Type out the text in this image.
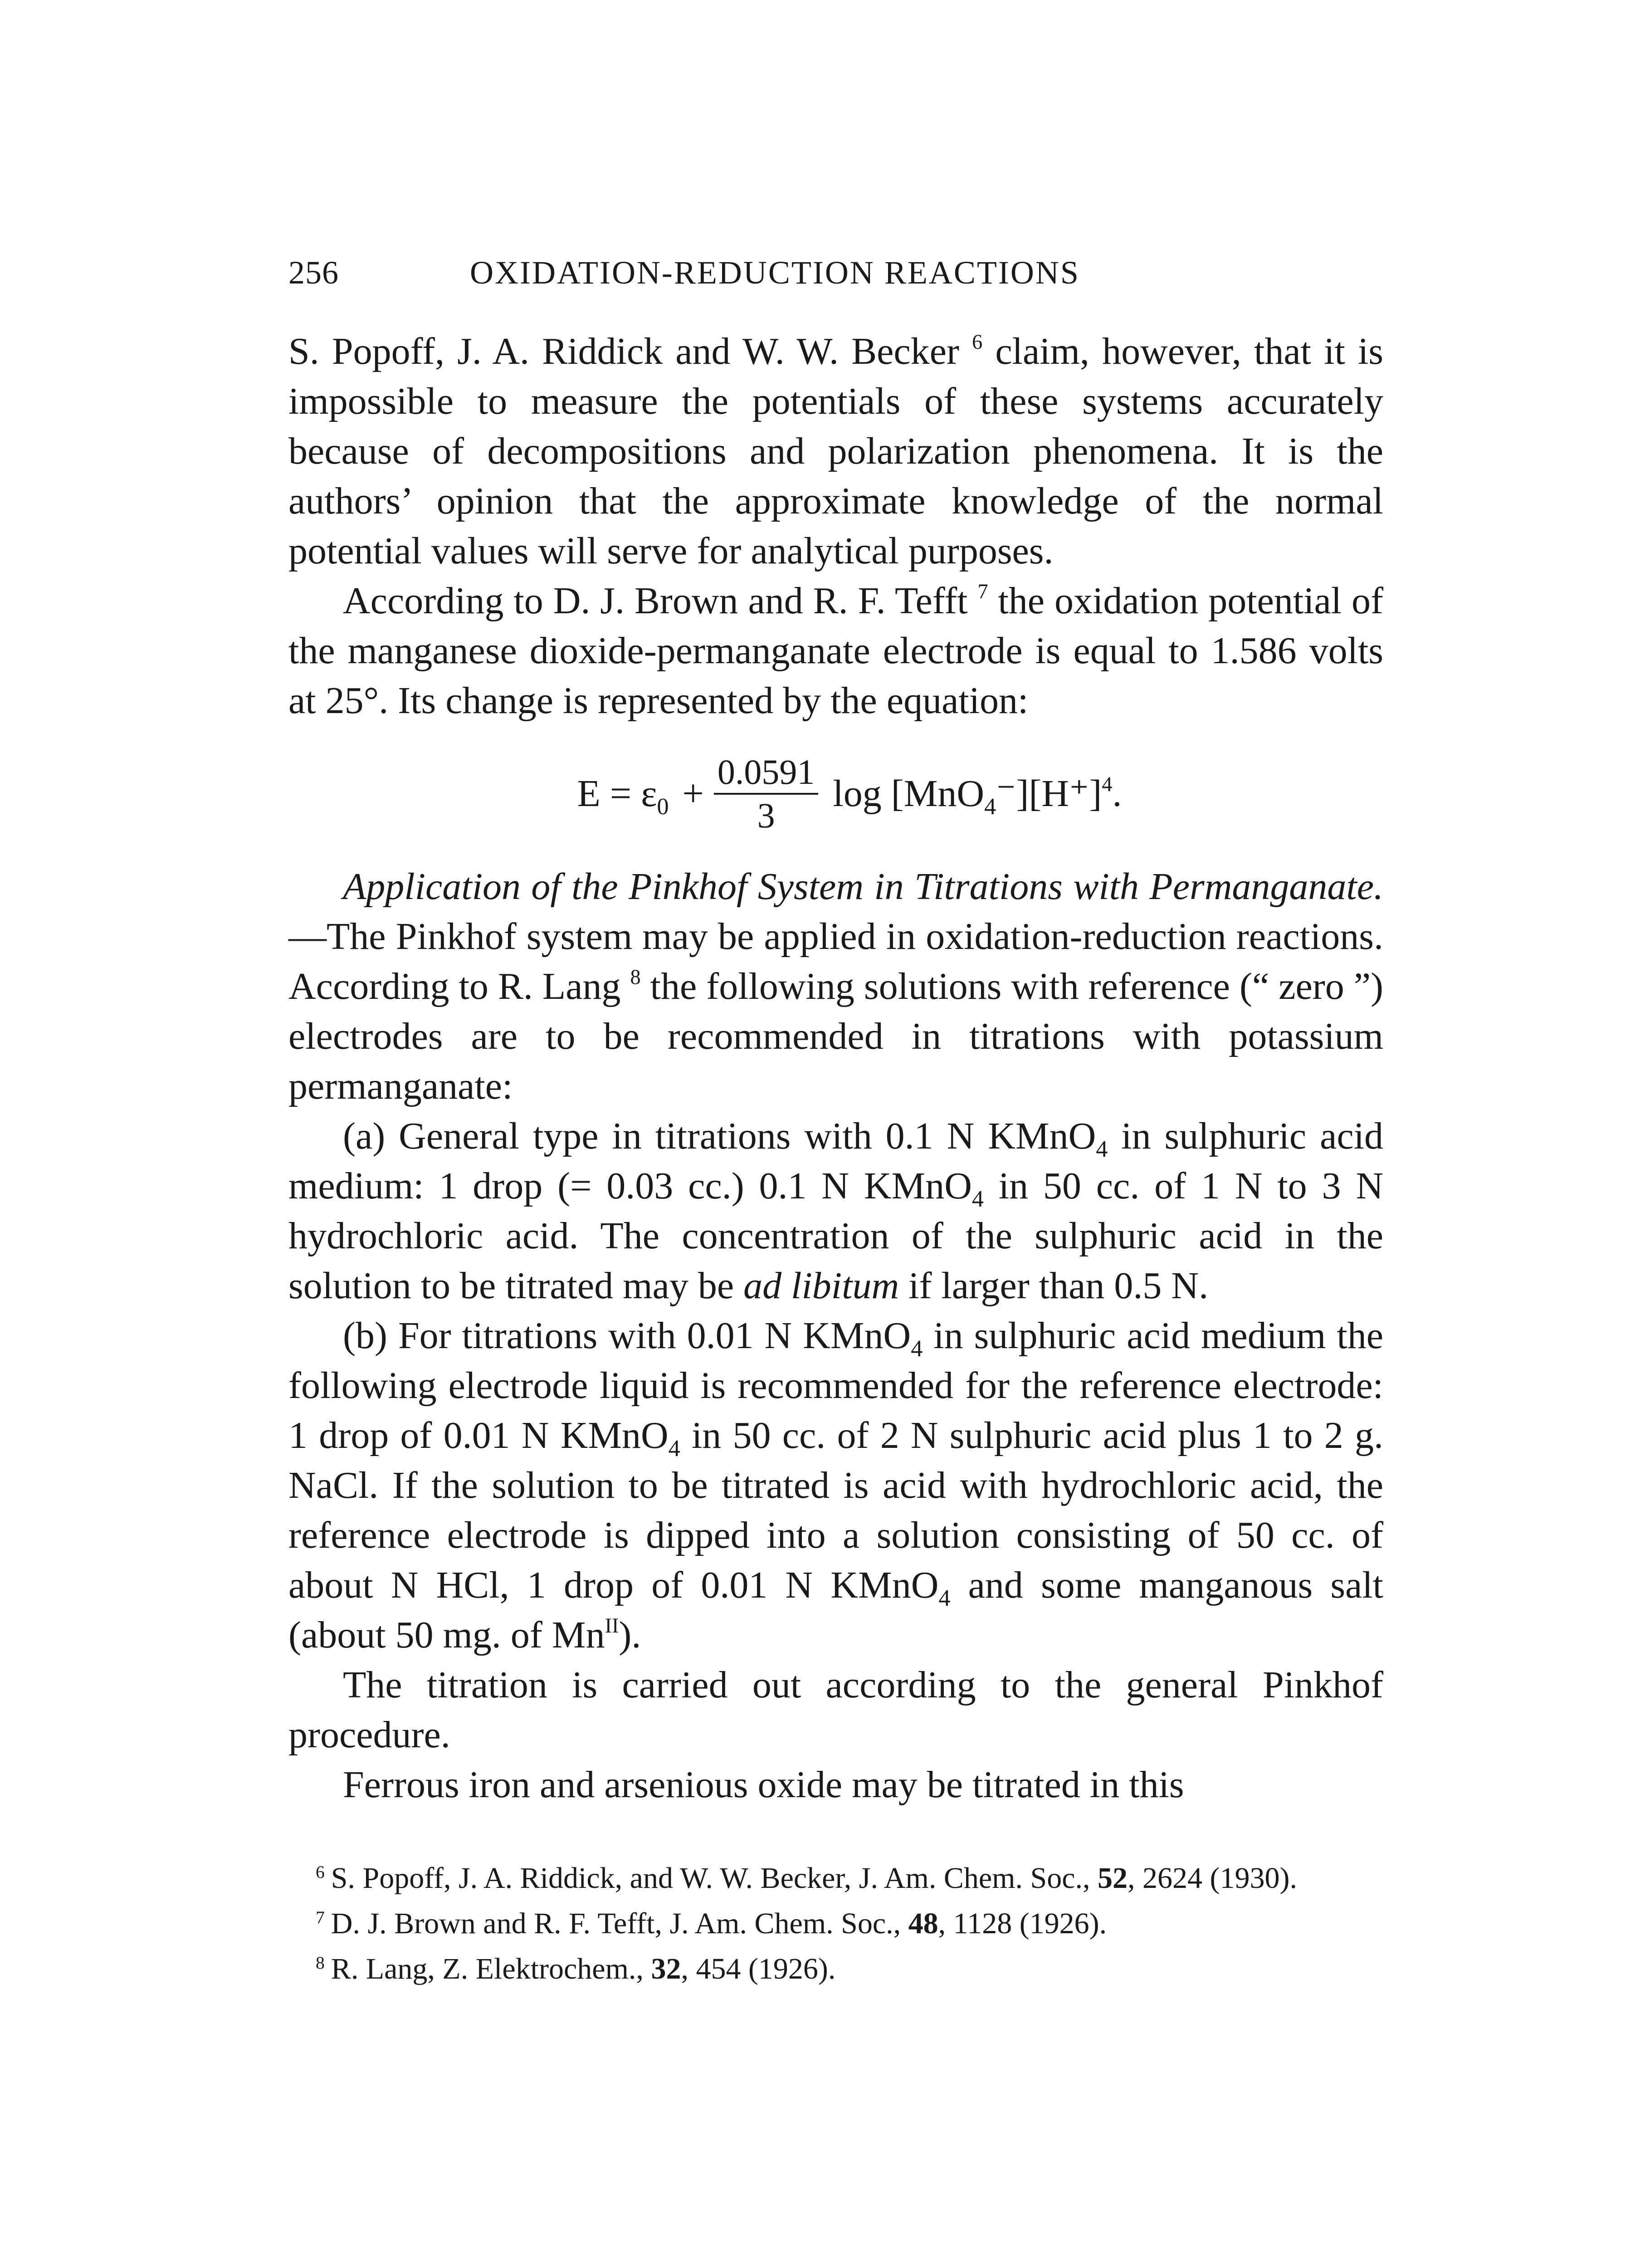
256	OXIDATION-REDUCTION REACTIONS

S. Popoff, J. A. Riddick and W. W. Becker $^6$ claim, however, that it is impossible to measure the potentials of these systems accurately because of decompositions and polarization phenomena. It is the authors’ opinion that the approximate knowledge of the normal potential values will serve for analytical purposes.

According to D. J. Brown and R. F. Tefft $^7$ the oxidation potential of the manganese dioxide-permanganate electrode is equal to 1.586 volts at 25°. Its change is represented by the equation:

$E = \varepsilon_0 + \frac{0.0591}{3}$ $\log [MnO_4^-][H^+]^4$.

Application of the Pinkhof System in Titrations with Permanganate.—The Pinkhof system may be applied in oxidation-reduction reactions. According to R. Lang $^8$ the following solutions with reference (“ zero ”) electrodes are to be recommended in titrations with potassium permanganate:

(a) General type in titrations with 0.1 N KMnO$_4$ in sulphuric acid medium: 1 drop (= 0.03 cc.) 0.1 N KMnO$_4$ in 50 cc. of 1 N to 3 N hydrochloric acid. The concentration of the sulphuric acid in the solution to be titrated may be ad libitum if larger than 0.5 N.

(b) For titrations with 0.01 N KMnO$_4$ in sulphuric acid medium the following electrode liquid is recommended for the reference electrode: 1 drop of 0.01 N KMnO$_4$ in 50 cc. of 2 N sulphuric acid plus 1 to 2 g. NaCl. If the solution to be titrated is acid with hydrochloric acid, the reference electrode is dipped into a solution consisting of 50 cc. of about N HCl, 1 drop of 0.01 N KMnO$_4$ and some manganous salt (about 50 mg. of $Mn^{II}$).

The titration is carried out according to the general Pinkhof procedure.

Ferrous iron and arsenious oxide may be titrated in this

$^6$ S. Popoff, J. A. Riddick, and W. W. Becker, J. Am. Chem. Soc., 52, 2624 (1930).
$^7$ D. J. Brown and R. F. Tefft, J. Am. Chem. Soc., 48, 1128 (1926).
$^8$ R. Lang, Z. Elektrochem., 32, 454 (1926).
